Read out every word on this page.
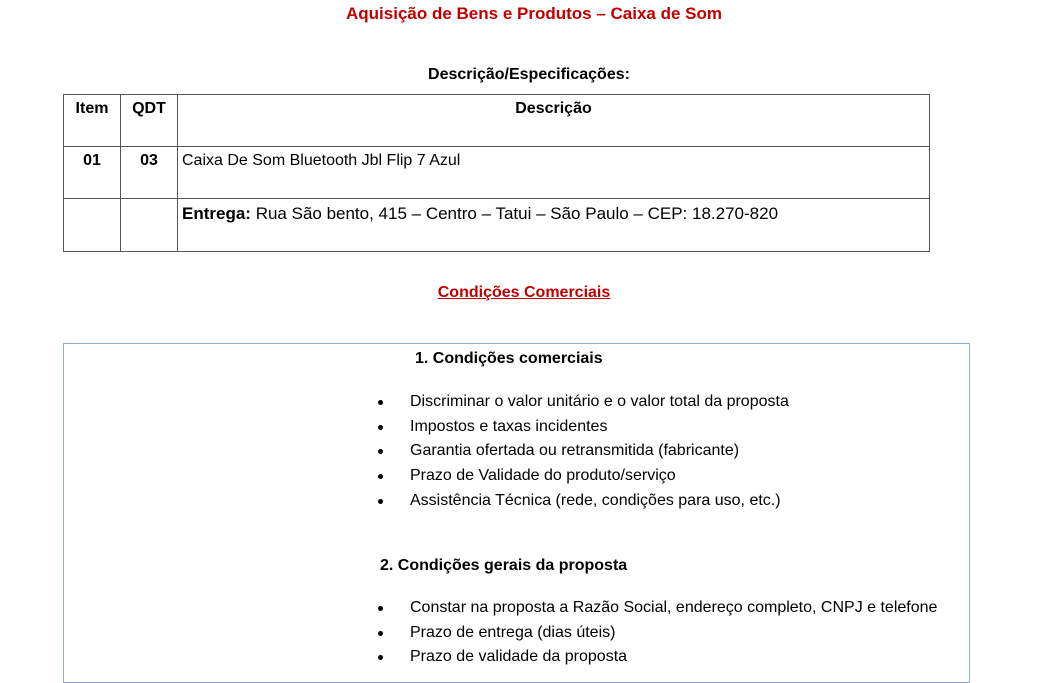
Aquisição de Bens e Produtos – Caixa de Som
Descrição/Especificações:
Item	QDT	Descrição
01	03	Caixa De Som Bluetooth Jbl Flip 7 Azul
		Entrega: Rua São bento, 415 – Centro – Tatui – São Paulo – CEP: 18.270-820
Condições Comerciais
1. Condições comerciais
Discriminar o valor unitário e o valor total da proposta
Impostos e taxas incidentes
Garantia ofertada ou retransmitida (fabricante)
Prazo de Validade do produto/serviço
Assistência Técnica (rede, condições para uso, etc.)
2. Condições gerais da proposta
Constar na proposta a Razão Social, endereço completo, CNPJ e telefone
Prazo de entrega (dias úteis)
Prazo de validade da proposta
